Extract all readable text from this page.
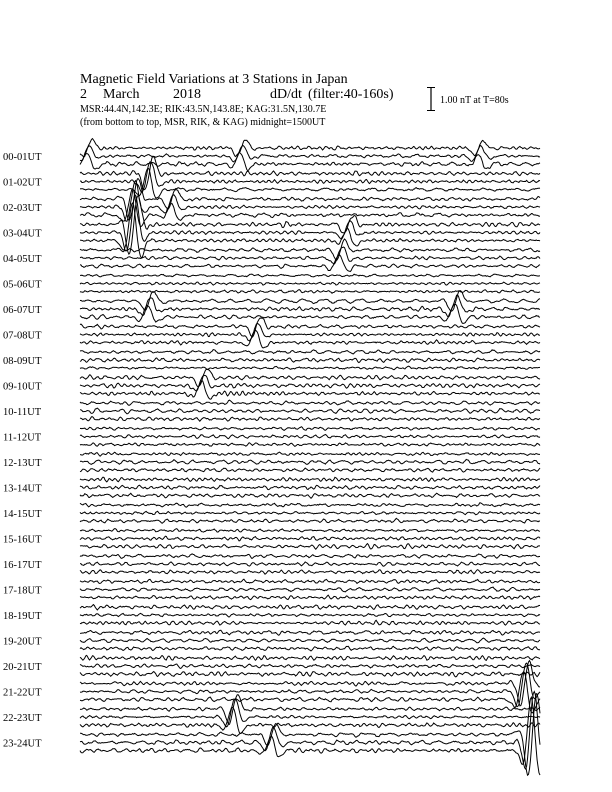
Magnetic Field Variations at 3 Stations in Japan
2 March 2018	dD/dt (filter:40-160s)
MSR:44.4N,142.3E; RIK:43.5N,143.8E; KAG:31.5N,130.7E
(from bottom to top, MSR, RIK, & KAG) midnight=1500UT
1.00 nT at T=80s
00-01UT
01-02UT
02-03UT
03-04UT
04-05UT
05-06UT
06-07UT
07-08UT
08-09UT
09-10UT
10-11UT
11-12UT
12-13UT
13-14UT
14-15UT
15-16UT
16-17UT
17-18UT
18-19UT
19-20UT
20-21UT
21-22UT
22-23UT
23-24UT
